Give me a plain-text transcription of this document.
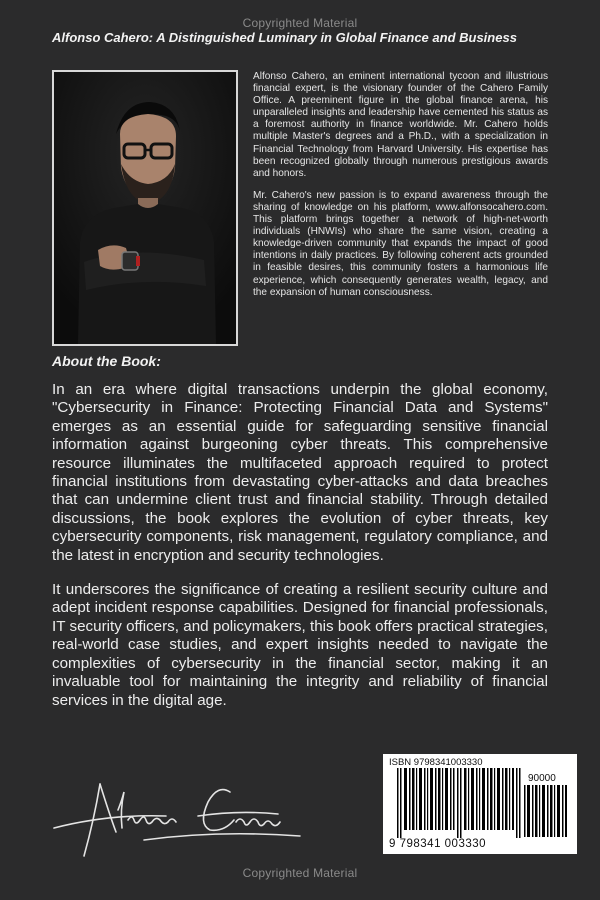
Copyrighted Material
Alfonso Cahero: A Distinguished Luminary in Global Finance and Business

Alfonso Cahero, an eminent international tycoon and illustrious financial expert, is the visionary founder of the Cahero Family Office. A preeminent figure in the global finance arena, his unparalleled insights and leadership have cemented his status as a foremost authority in finance worldwide. Mr. Cahero holds multiple Master's degrees and a Ph.D., with a specialization in Financial Technology from Harvard University. His expertise has been recognized globally through numerous prestigious awards and honors.

Mr. Cahero's new passion is to expand awareness through the sharing of knowledge on his platform, www.alfonsocahero.com. This platform brings together a network of high-net-worth individuals (HNWIs) who share the same vision, creating a knowledge-driven community that expands the impact of good intentions in daily practices. By following coherent acts grounded in feasible desires, this community fosters a harmonious life experience, which consequently generates wealth, legacy, and the expansion of human consciousness.

About the Book:

In an era where digital transactions underpin the global economy, "Cybersecurity in Finance: Protecting Financial Data and Systems" emerges as an essential guide for safeguarding sensitive financial information against burgeoning cyber threats. This comprehensive resource illuminates the multifaceted approach required to protect financial institutions from devastating cyber-attacks and data breaches that can undermine client trust and financial stability. Through detailed discussions, the book explores the evolution of cyber threats, key cybersecurity components, risk management, regulatory compliance, and the latest in encryption and security technologies.

It underscores the significance of creating a resilient security culture and adept incident response capabilities. Designed for financial professionals, IT security officers, and policymakers, this book offers practical strategies, real-world case studies, and expert insights needed to navigate the complexities of cybersecurity in the financial sector, making it an invaluable tool for maintaining the integrity and reliability of financial services in the digital age.

ISBN 9798341003330
90000
9 798341 003330
Copyrighted Material
